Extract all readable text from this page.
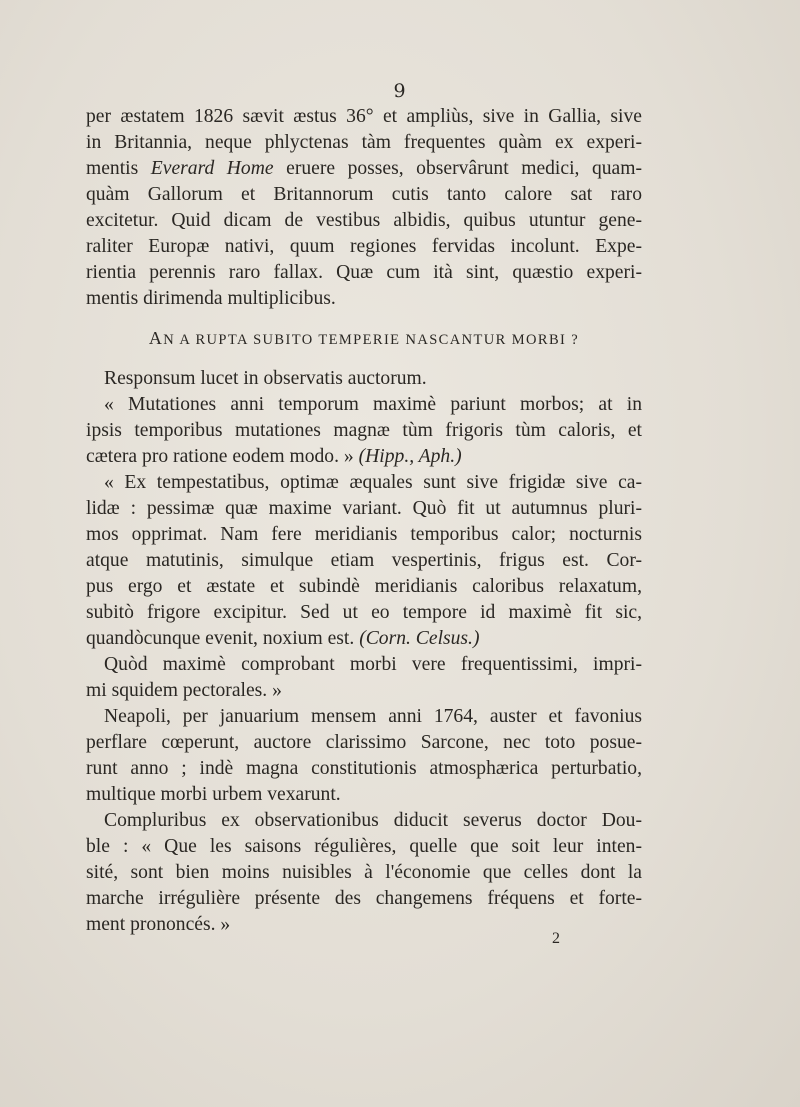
9
per æstatem 1826 sævit æstus 36° et ampliùs, sive in Gallia, sive
in Britannia, neque phlyctenas tàm frequentes quàm ex experi-
mentis Everard Home eruere posses, observârunt medici, quam-
quàm Gallorum et Britannorum cutis tanto calore sat raro
excitetur. Quid dicam de vestibus albidis, quibus utuntur gene-
raliter Europæ nativi, quum regiones fervidas incolunt. Expe-
rientia perennis raro fallax. Quæ cum ità sint, quæstio experi-
mentis dirimenda multiplicibus.
AN A RUPTA SUBITO TEMPERIE NASCANTUR MORBI ?
Responsum lucet in observatis auctorum.
« Mutationes anni temporum maximè pariunt morbos; at in
ipsis temporibus mutationes magnæ tùm frigoris tùm caloris, et
cætera pro ratione eodem modo. » (Hipp., Aph.)
« Ex tempestatibus, optimæ æquales sunt sive frigidæ sive ca-
lidæ : pessimæ quæ maxime variant. Quò fit ut autumnus pluri-
mos opprimat. Nam fere meridianis temporibus calor; nocturnis
atque matutinis, simulque etiam vespertinis, frigus est. Cor-
pus ergo et æstate et subindè meridianis caloribus relaxatum,
subitò frigore excipitur. Sed ut eo tempore id maximè fit sic,
quandòcunque evenit, noxium est. (Corn. Celsus.)
Quòd maximè comprobant morbi vere frequentissimi, impri-
mi squidem pectorales. »
Neapoli, per januarium mensem anni 1764, auster et favonius
perflare cœperunt, auctore clarissimo Sarcone, nec toto posue-
runt anno ; indè magna constitutionis atmosphærica perturbatio,
multique morbi urbem vexarunt.
Compluribus ex observationibus diducit severus doctor Dou-
ble : « Que les saisons régulières, quelle que soit leur inten-
sité, sont bien moins nuisibles à l'économie que celles dont la
marche irrégulière présente des changemens fréquens et forte-
ment prononcés. »
2
